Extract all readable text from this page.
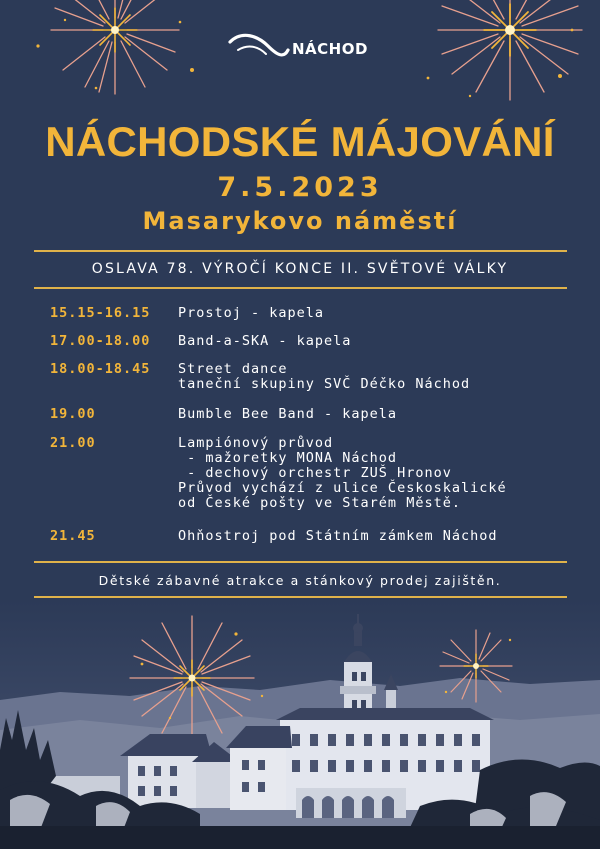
NÁCHOD
NÁCHODSKÉ MÁJOVÁNÍ
7.5.2023
Masarykovo náměstí
OSLAVA 78. VÝROČÍ KONCE II. SVĚTOVÉ VÁLKY
15.15-16.15 Prostoj - kapela
17.00-18.00 Band-a-SKA - kapela
18.00-18.45 Street dance
taneční skupiny SVČ Déčko Náchod
19.00	Bumble Bee Band - kapela
21.00	Lampiónový průvod
- mažoretky MONA Náchod
- dechový orchestr ZUŠ Hronov
Průvod vychází z ulice Českoskalické
od České pošty ve Starém Městě.
21.45	Ohňostroj pod Státním zámkem Náchod
Dětské zábavné atrakce a stánkový prodej zajištěn.
